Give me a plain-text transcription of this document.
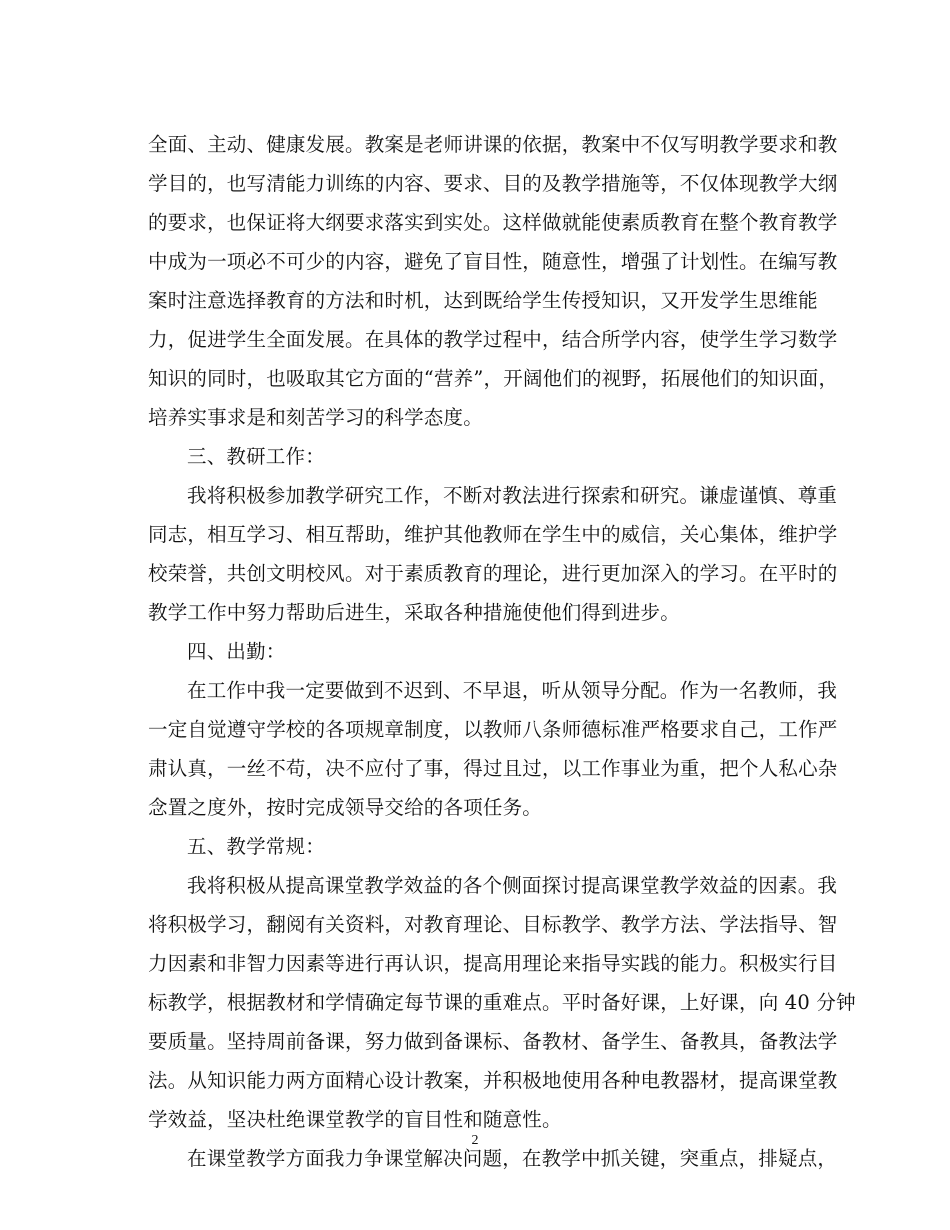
全面、主动、健康发展。教案是老师讲课的依据，教案中不仅写明教学要求和教
学目的，也写清能力训练的内容、要求、目的及教学措施等，不仅体现教学大纲
的要求，也保证将大纲要求落实到实处。这样做就能使素质教育在整个教育教学
中成为一项必不可少的内容，避免了盲目性，随意性，增强了计划性。在编写教
案时注意选择教育的方法和时机，达到既给学生传授知识，又开发学生思维能
力，促进学生全面发展。在具体的教学过程中，结合所学内容，使学生学习数学
知识的同时，也吸取其它方面的“营养”，开阔他们的视野，拓展他们的知识面，
培养实事求是和刻苦学习的科学态度。
三、教研工作：
我将积极参加教学研究工作，不断对教法进行探索和研究。谦虚谨慎、尊重
同志，相互学习、相互帮助，维护其他教师在学生中的威信，关心集体，维护学
校荣誉，共创文明校风。对于素质教育的理论，进行更加深入的学习。在平时的
教学工作中努力帮助后进生，采取各种措施使他们得到进步。
四、出勤：
在工作中我一定要做到不迟到、不早退，听从领导分配。作为一名教师，我
一定自觉遵守学校的各项规章制度，以教师八条师德标准严格要求自己，工作严
肃认真，一丝不苟，决不应付了事，得过且过，以工作事业为重，把个人私心杂
念置之度外，按时完成领导交给的各项任务。
五、教学常规：
我将积极从提高课堂教学效益的各个侧面探讨提高课堂教学效益的因素。我
将积极学习，翻阅有关资料，对教育理论、目标教学、教学方法、学法指导、智
力因素和非智力因素等进行再认识，提高用理论来指导实践的能力。积极实行目
标教学，根据教材和学情确定每节课的重难点。平时备好课，上好课，向 40 分钟
要质量。坚持周前备课，努力做到备课标、备教材、备学生、备教具，备教法学
法。从知识能力两方面精心设计教案，并积极地使用各种电教器材，提高课堂教
学效益，坚决杜绝课堂教学的盲目性和随意性。
在课堂教学方面我力争课堂解决问题，在教学中抓关键，突重点，排疑点，
2
